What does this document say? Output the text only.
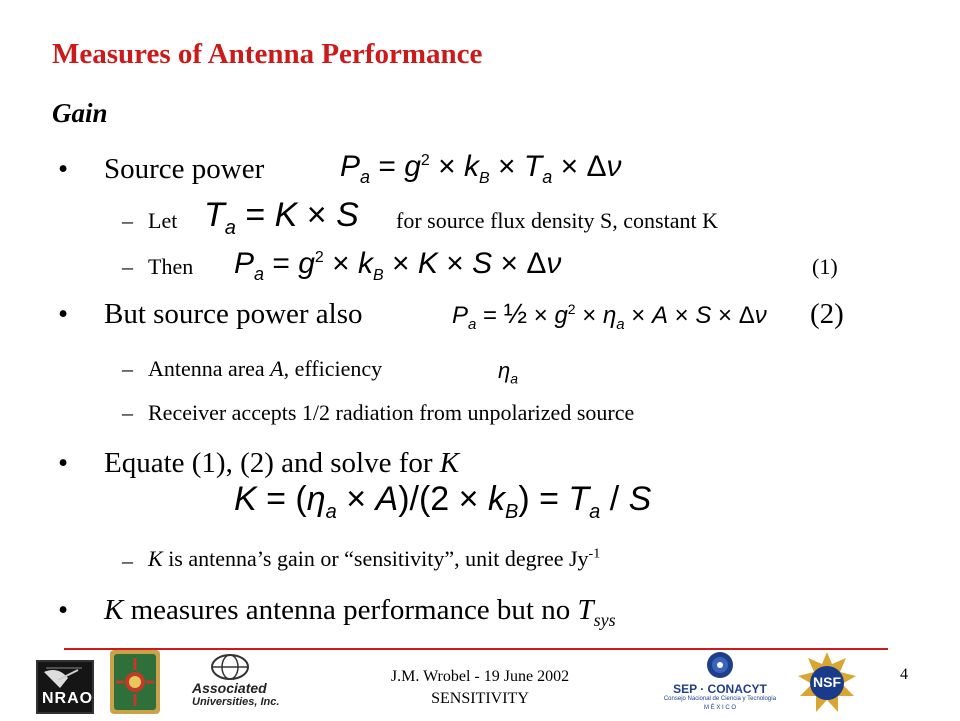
Measures of Antenna Performance
Gain
• Source power	$P_a = g^2 \times k_B \times T_a \times \Delta\nu$
– Let $T_a = K \times S$ for source flux density S, constant K
– Then $P_a = g^2 \times k_B \times K \times S \times \Delta\nu$	(1)
• But source power also	$P_a$ = ½ × $g^2 \times \eta_a \times A \times S \times \Delta\nu$ (2)
– Antenna area A, efficiency	$\eta_a$
– Receiver accepts 1/2 radiation from unpolarized source
• Equate (1), (2) and solve for K
$K = (\eta_a \times A)/(2 \times k_B) = T_a / S$
– K is antenna’s gain or “sensitivity”, unit degree $Jy^{-1}$
• K measures antenna performance but no $T_{sys}$
J.M. Wrobel - 19 June 2002
SENSITIVITY
4
NRAO
Associated
Universities, Inc.
SEP · CONACYT
Consejo Nacional de Ciencia y Tecnología
M É X I C O
NSF
